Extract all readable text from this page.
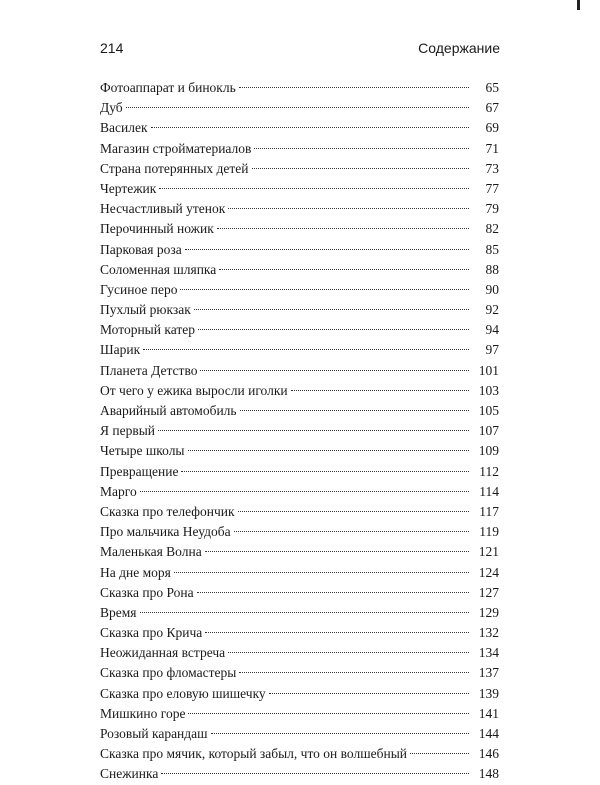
214	Содержание
Фотоаппарат и бинокль	65
Дуб	67
Василек	69
Магазин стройматериалов	71
Страна потерянных детей	73
Чертежик	77
Несчастливый утенок	79
Перочинный ножик	82
Парковая роза	85
Соломенная шляпка	88
Гусиное перо	90
Пухлый рюкзак	92
Моторный катер	94
Шарик	97
Планета Детство	101
От чего у ежика выросли иголки	103
Аварийный автомобиль	105
Я первый	107
Четыре школы	109
Превращение	112
Марго	114
Сказка про телефончик	117
Про мальчика Неудоба	119
Маленькая Волна	121
На дне моря	124
Сказка про Рона	127
Время	129
Сказка про Крича	132
Неожиданная встреча	134
Сказка про фломастеры	137
Сказка про еловую шишечку	139
Мишкино горе	141
Розовый карандаш	144
Сказка про мячик, который забыл, что он волшебный	146
Снежинка	148
